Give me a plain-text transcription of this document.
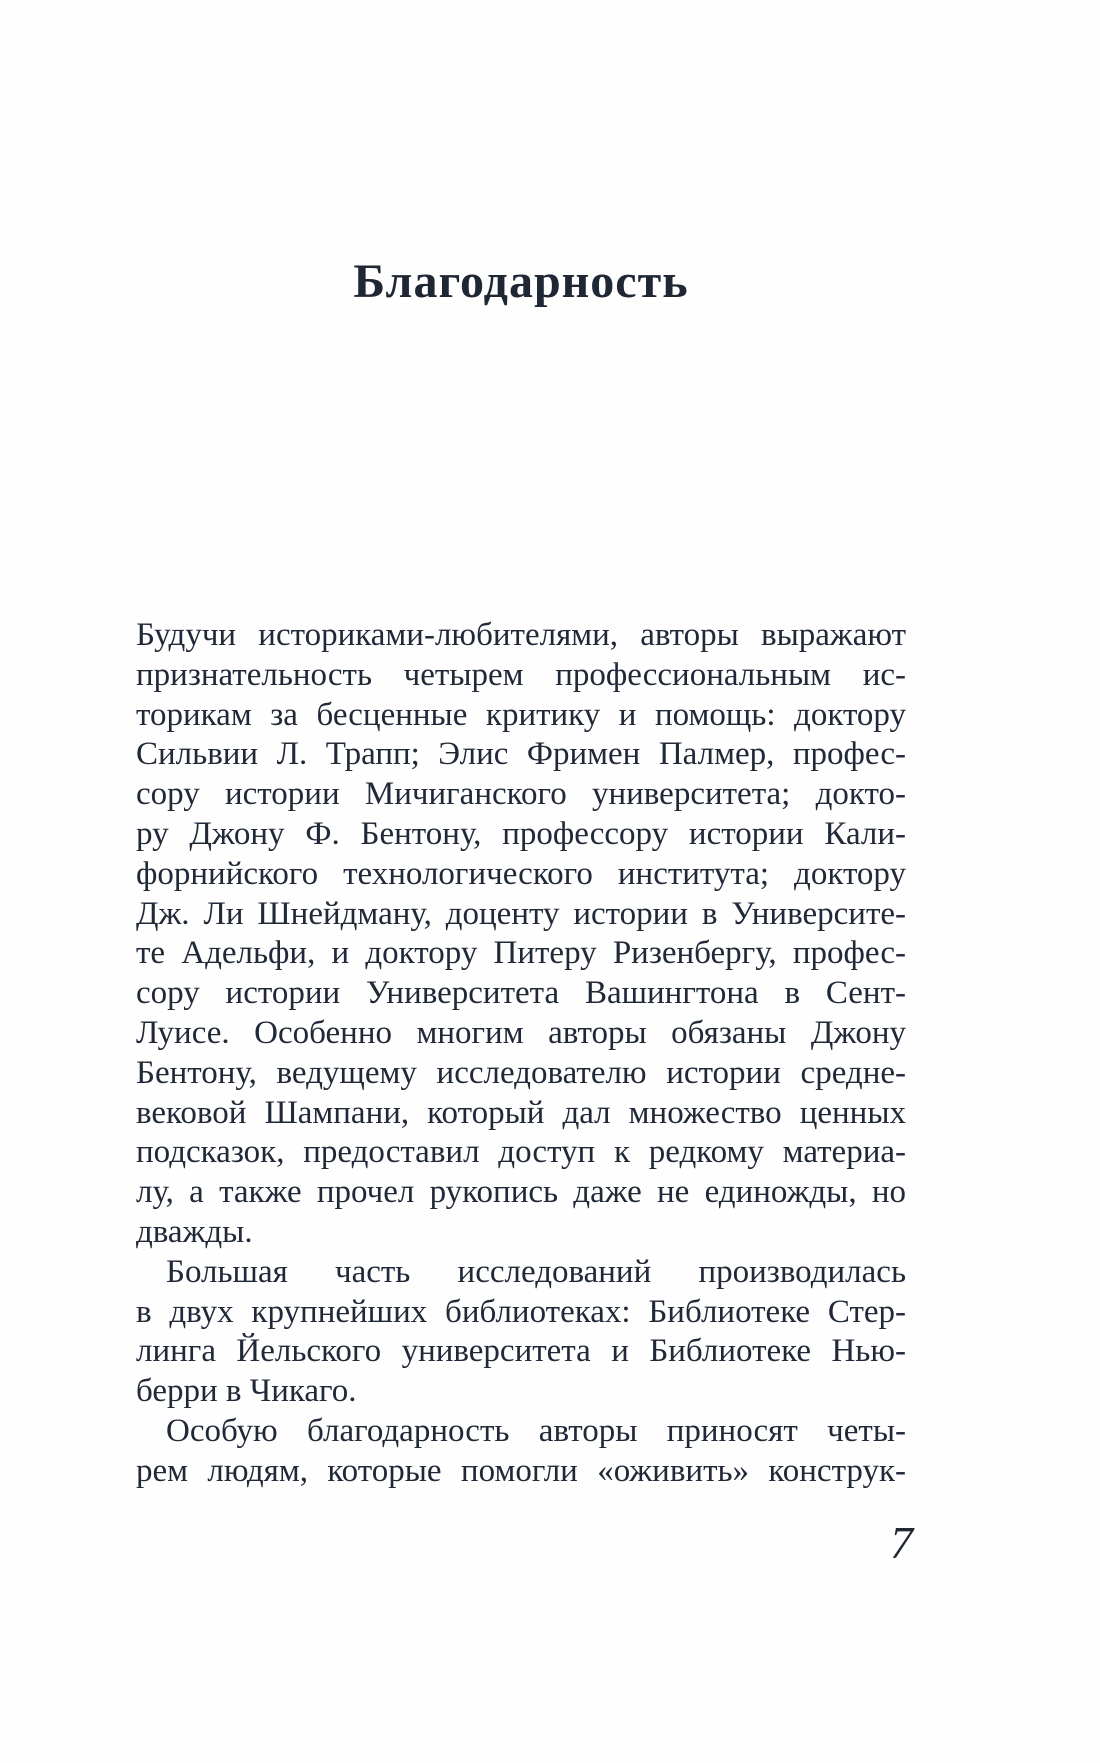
Благодарность
Будучи историками-любителями, авторы выражают
признательность четырем профессиональным ис-
торикам за бесценные критику и помощь: доктору
Сильвии Л. Трапп; Элис Фримен Палмер, профес-
сору истории Мичиганского университета; докто-
ру Джону Ф. Бентону, профессору истории Кали-
форнийского технологического института; доктору
Дж. Ли Шнейдману, доценту истории в Университе-
те Адельфи, и доктору Питеру Ризенбергу, профес-
сору истории Университета Вашингтона в Сент-
Луисе. Особенно многим авторы обязаны Джону
Бентону, ведущему исследователю истории средне-
вековой Шампани, который дал множество ценных
подсказок, предоставил доступ к редкому материа-
лу, а также прочел рукопись даже не единожды, но
дважды.
Большая часть исследований производилась
в двух крупнейших библиотеках: Библиотеке Стер-
линга Йельского университета и Библиотеке Нью-
берри в Чикаго.
Особую благодарность авторы приносят четы-
рем людям, которые помогли «оживить» конструк-
7
